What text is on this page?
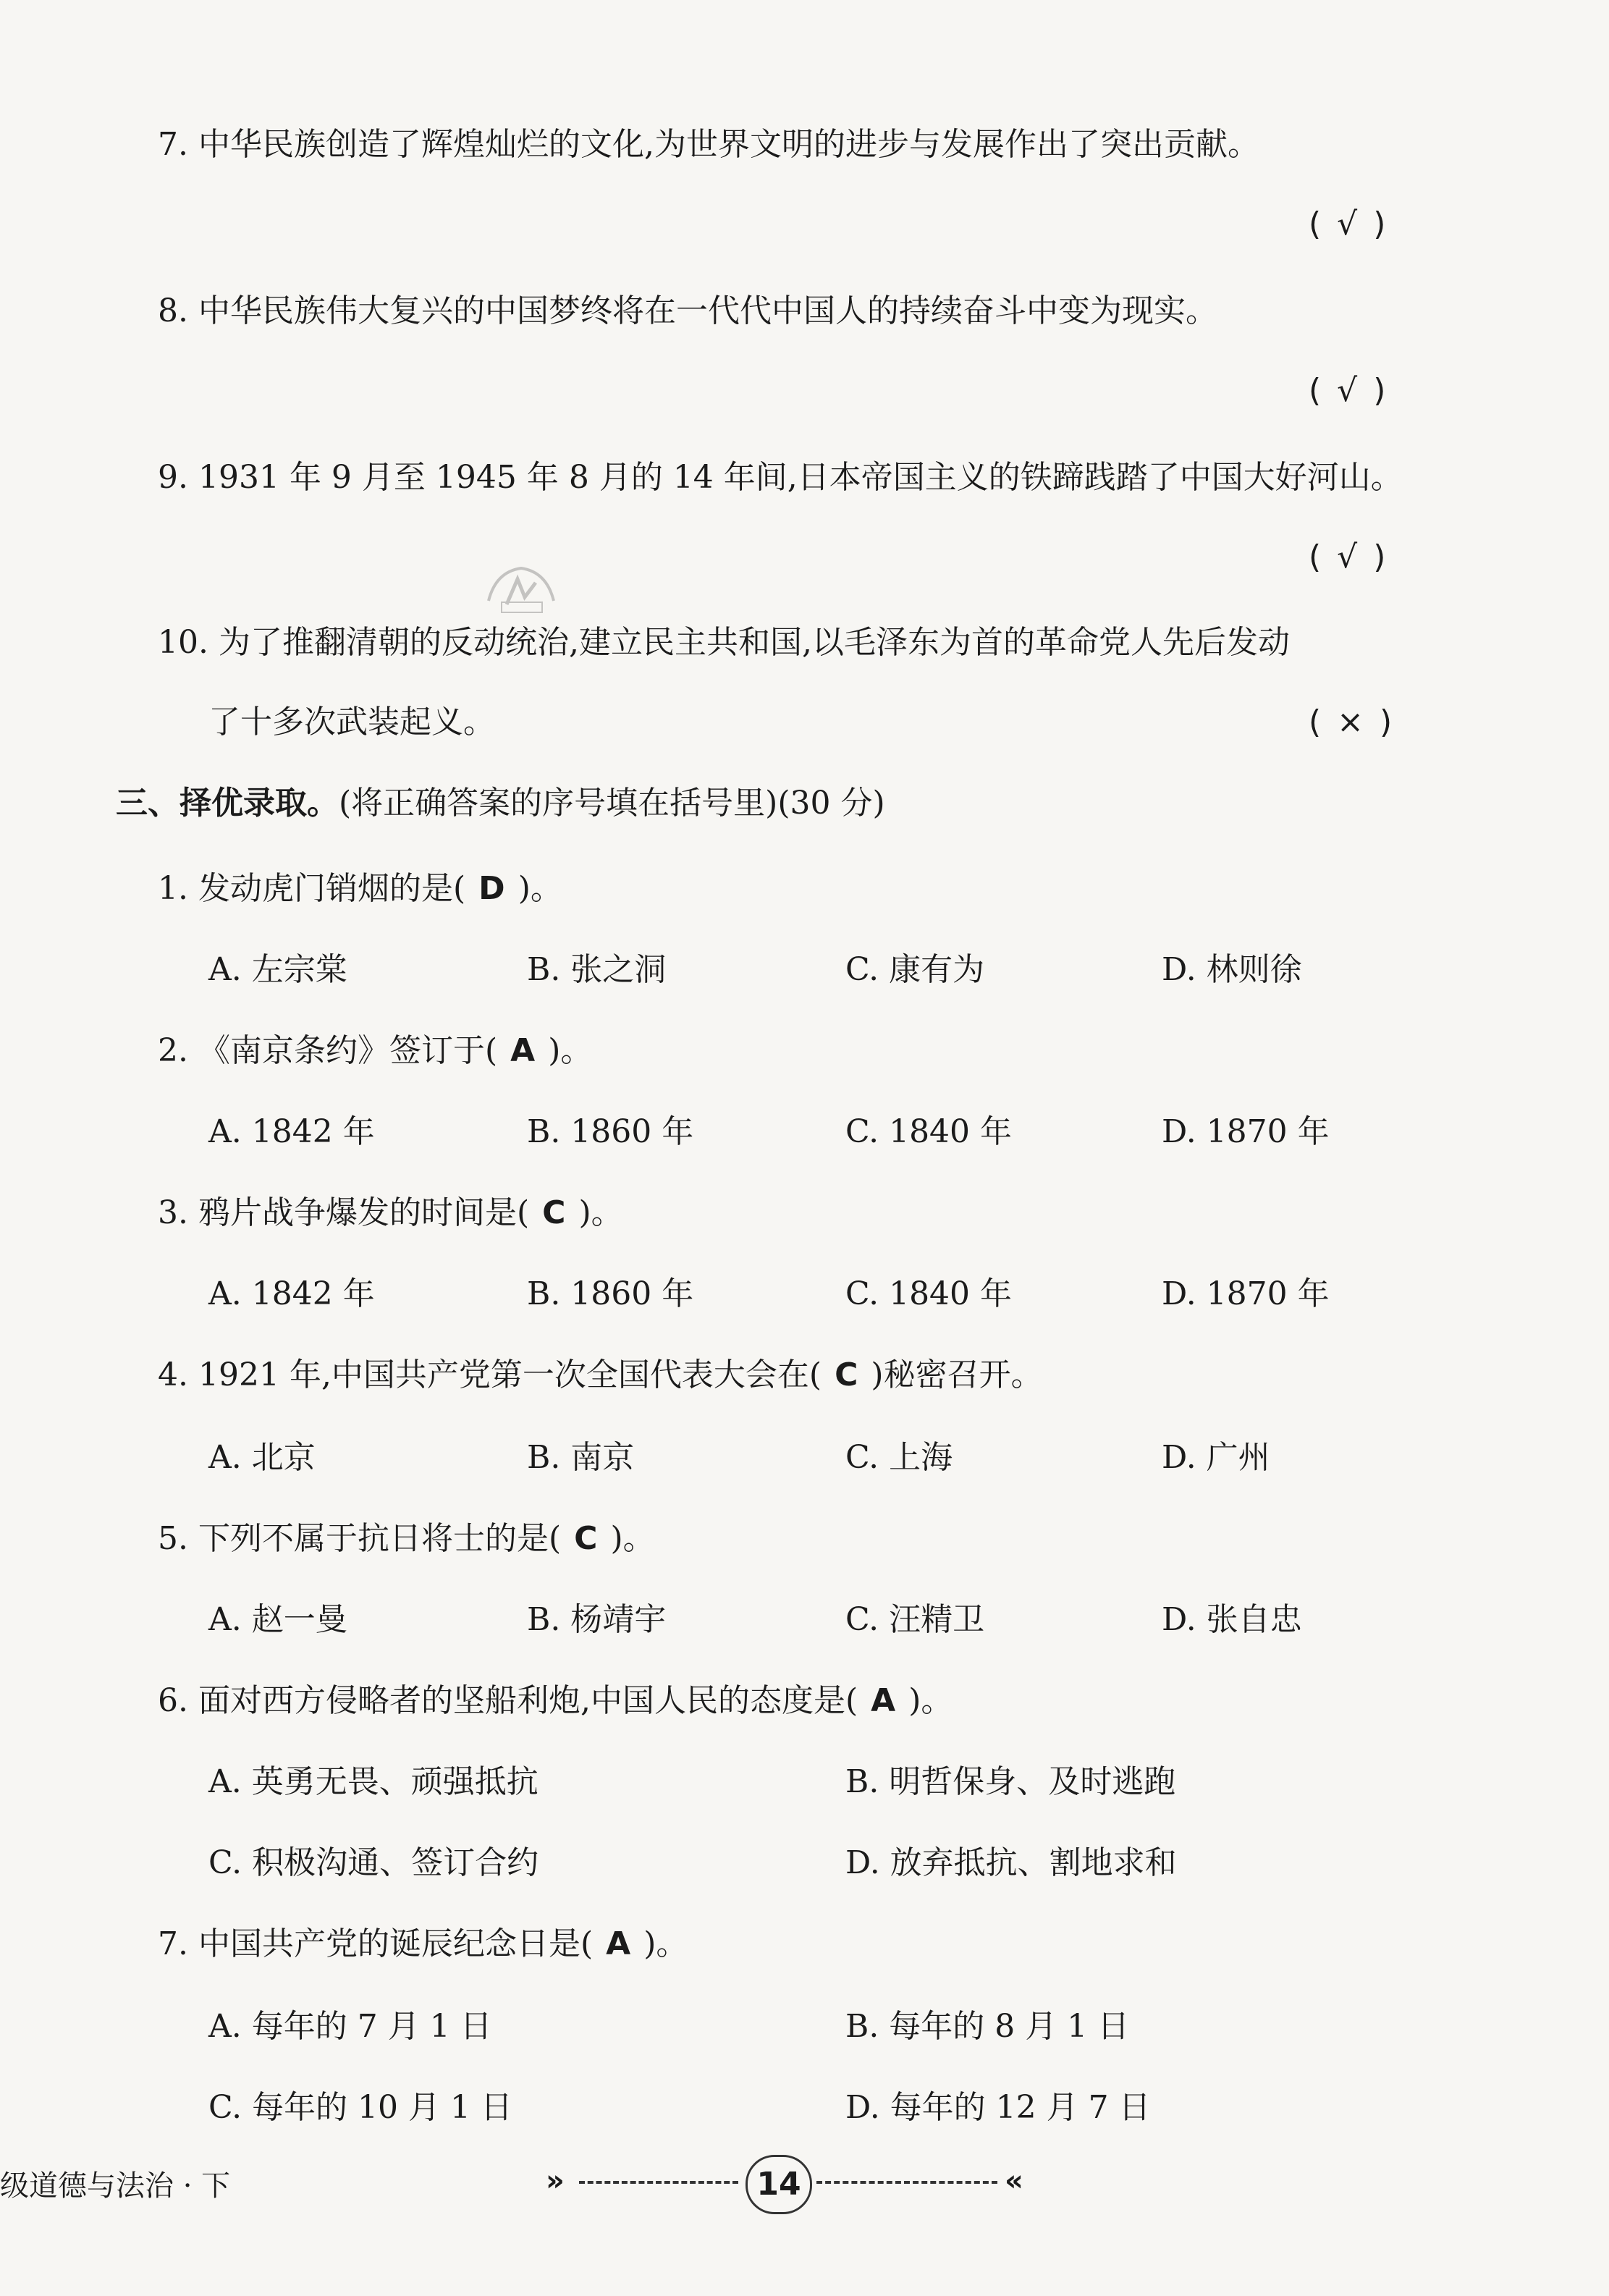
7. 中华民族创造了辉煌灿烂的文化,为世界文明的进步与发展作出了突出贡献。
( √ )
8. 中华民族伟大复兴的中国梦终将在一代代中国人的持续奋斗中变为现实。
( √ )
9. 1931 年 9 月至 1945 年 8 月的 14 年间,日本帝国主义的铁蹄践踏了中国大好河山。
( √ )
10. 为了推翻清朝的反动统治,建立民主共和国,以毛泽东为首的革命党人先后发动
了十多次武装起义。	( × )
三、择优录取。(将正确答案的序号填在括号里)(30 分)
1. 发动虎门销烟的是( D )。
A. 左宗棠	B. 张之洞	C. 康有为	D. 林则徐
2. 《南京条约》签订于( A )。
A. 1842 年	B. 1860 年	C. 1840 年	D. 1870 年
3. 鸦片战争爆发的时间是( C )。
A. 1842 年	B. 1860 年	C. 1840 年	D. 1870 年
4. 1921 年,中国共产党第一次全国代表大会在( C )秘密召开。
A. 北京	B. 南京	C. 上海	D. 广州
5. 下列不属于抗日将士的是( C )。
A. 赵一曼	B. 杨靖宇	C. 汪精卫	D. 张自忠
6. 面对西方侵略者的坚船利炮,中国人民的态度是( A )。
A. 英勇无畏、顽强抵抗	B. 明哲保身、及时逃跑
C. 积极沟通、签订合约	D. 放弃抵抗、割地求和
7. 中国共产党的诞辰纪念日是( A )。
A. 每年的 7 月 1 日	B. 每年的 8 月 1 日
C. 每年的 10 月 1 日	D. 每年的 12 月 7 日
级道德与法治 · 下	»	14	«
